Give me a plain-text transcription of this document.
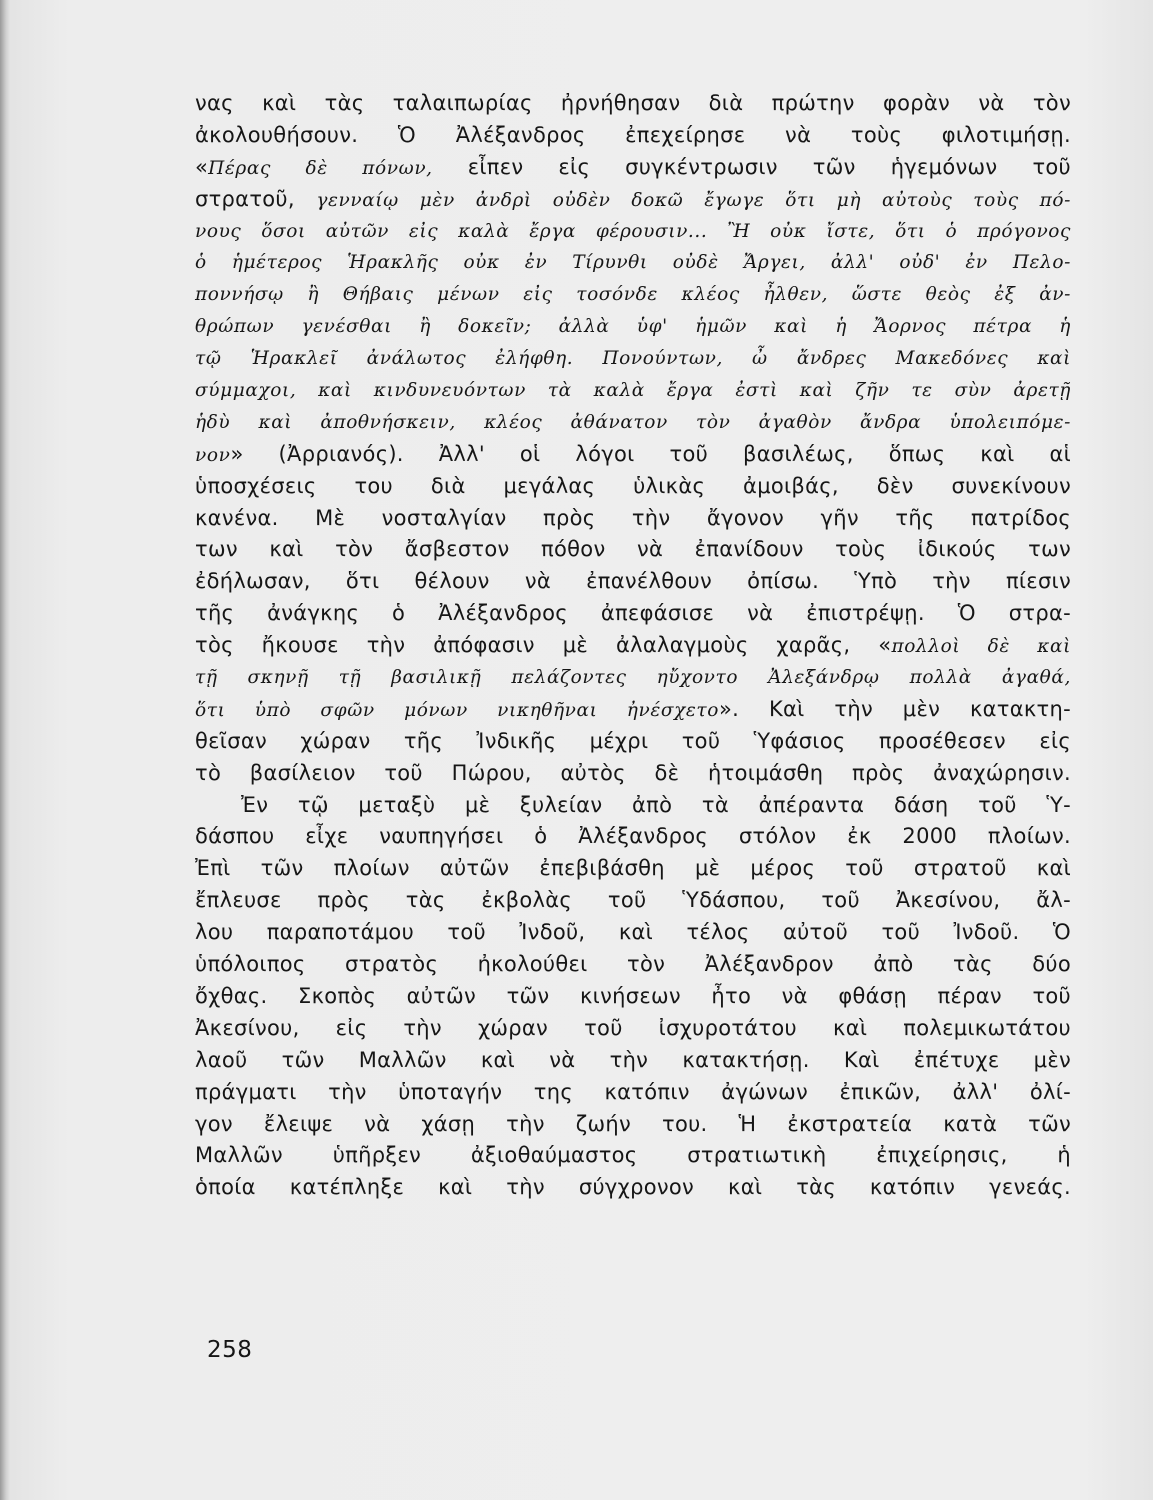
νας καὶ τὰς ταλαιπωρίας ἠρνήθησαν διὰ πρώτην φορὰν νὰ τὸν
ἀκολουθήσουν. Ὁ Ἀλέξανδρος ἐπεχείρησε νὰ τοὺς φιλοτιμήσῃ.
«Πέρας δὲ πόνων, εἶπεν εἰς συγκέντρωσιν τῶν ἡγεμόνων τοῦ
στρατοῦ, γενναίῳ μὲν ἀνδρὶ οὐδὲν δοκῶ ἔγωγε ὅτι μὴ αὐτοὺς τοὺς πό-
νους ὅσοι αὐτῶν εἰς καλὰ ἔργα φέρουσιν... Ἢ οὐκ ἴστε, ὅτι ὁ πρόγονος
ὁ ἡμέτερος Ἡρακλῆς οὐκ ἐν Τίρυνθι οὐδὲ Ἄργει, ἀλλ' οὐδ' ἐν Πελο-
ποννήσῳ ἢ Θήβαις μένων εἰς τοσόνδε κλέος ἦλθεν, ὥστε θεὸς ἐξ ἀν-
θρώπων γενέσθαι ἢ δοκεῖν; ἀλλὰ ὑφ' ἡμῶν καὶ ἡ Ἄορνος πέτρα ἡ
τῷ Ἡρακλεῖ ἀνάλωτος ἐλήφθη. Πονούντων, ὦ ἄνδρες Μακεδόνες καὶ
σύμμαχοι, καὶ κινδυνευόντων τὰ καλὰ ἔργα ἐστὶ καὶ ζῆν τε σὺν ἀρετῇ
ἡδὺ καὶ ἀποθνήσκειν, κλέος ἀθάνατον τὸν ἀγαθὸν ἄνδρα ὑπολειπόμε-
νον» (Ἀρριανός). Ἀλλ' οἱ λόγοι τοῦ βασιλέως, ὅπως καὶ αἱ
ὑποσχέσεις του διὰ μεγάλας ὑλικὰς ἀμοιβάς, δὲν συνεκίνουν
κανένα. Μὲ νοσταλγίαν πρὸς τὴν ἄγονον γῆν τῆς πατρίδος
των καὶ τὸν ἄσβεστον πόθον νὰ ἐπανίδουν τοὺς ἰδικούς των
ἐδήλωσαν, ὅτι θέλουν νὰ ἐπανέλθουν ὀπίσω. Ὑπὸ τὴν πίεσιν
τῆς ἀνάγκης ὁ Ἀλέξανδρος ἀπεφάσισε νὰ ἐπιστρέψῃ. Ὁ στρα-
τὸς ἤκουσε τὴν ἀπόφασιν μὲ ἀλαλαγμοὺς χαρᾶς, «πολλοὶ δὲ καὶ
τῇ σκηνῇ τῇ βασιλικῇ πελάζοντες ηὔχοντο Ἀλεξάνδρῳ πολλὰ ἀγαθά,
ὅτι ὑπὸ σφῶν μόνων νικηθῆναι ἠνέσχετο». Καὶ τὴν μὲν κατακτη-
θεῖσαν χώραν τῆς Ἰνδικῆς μέχρι τοῦ Ὑφάσιος προσέθεσεν εἰς
τὸ βασίλειον τοῦ Πώρου, αὐτὸς δὲ ἡτοιμάσθη πρὸς ἀναχώρησιν.
Ἐν τῷ μεταξὺ μὲ ξυλείαν ἀπὸ τὰ ἀπέραντα δάση τοῦ Ὑ-
δάσπου εἶχε ναυπηγήσει ὁ Ἀλέξανδρος στόλον ἐκ 2000 πλοίων.
Ἐπὶ τῶν πλοίων αὐτῶν ἐπεβιβάσθη μὲ μέρος τοῦ στρατοῦ καὶ
ἔπλευσε πρὸς τὰς ἐκβολὰς τοῦ Ὑδάσπου, τοῦ Ἀκεσίνου, ἄλ-
λου παραποτάμου τοῦ Ἰνδοῦ, καὶ τέλος αὐτοῦ τοῦ Ἰνδοῦ. Ὁ
ὑπόλοιπος στρατὸς ἠκολούθει τὸν Ἀλέξανδρον ἀπὸ τὰς δύο
ὄχθας. Σκοπὸς αὐτῶν τῶν κινήσεων ἦτο νὰ φθάσῃ πέραν τοῦ
Ἀκεσίνου, εἰς τὴν χώραν τοῦ ἰσχυροτάτου καὶ πολεμικωτάτου
λαοῦ τῶν Μαλλῶν καὶ νὰ τὴν κατακτήσῃ. Καὶ ἐπέτυχε μὲν
πράγματι τὴν ὑποταγήν της κατόπιν ἀγώνων ἐπικῶν, ἀλλ' ὀλί-
γον ἔλειψε νὰ χάσῃ τὴν ζωήν του. Ἡ ἐκστρατεία κατὰ τῶν
Μαλλῶν ὑπῆρξεν ἀξιοθαύμαστος στρατιωτικὴ ἐπιχείρησις, ἡ
ὁποία κατέπληξε καὶ τὴν σύγχρονον καὶ τὰς κατόπιν γενεάς.
258
